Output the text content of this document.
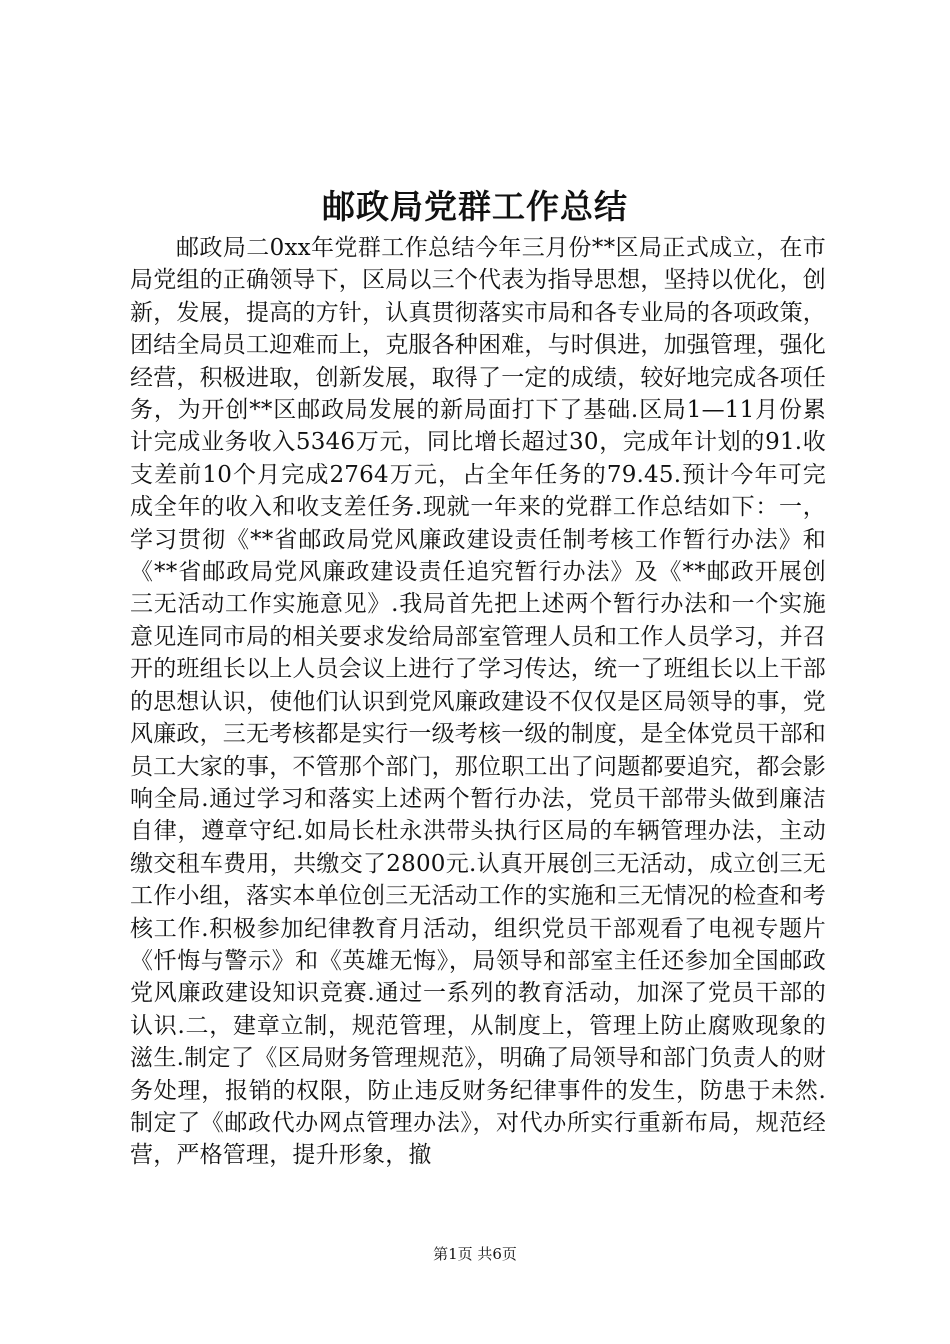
邮政局党群工作总结

邮政局二0xx年党群工作总结今年三月份**区局正式成立，在市局党组的正确领导下，区局以三个代表为指导思想，坚持以优化，创新，发展，提高的方针，认真贯彻落实市局和各专业局的各项政策，团结全局员工迎难而上，克服各种困难，与时俱进，加强管理，强化经营，积极进取，创新发展，取得了一定的成绩，较好地完成各项任务，为开创**区邮政局发展的新局面打下了基础.区局1—11月份累计完成业务收入5346万元，同比增长超过30，完成年计划的91.收支差前10个月完成2764万元，占全年任务的79.45.预计今年可完成全年的收入和收支差任务.现就一年来的党群工作总结如下：一，学习贯彻《**省邮政局党风廉政建设责任制考核工作暂行办法》和《**省邮政局党风廉政建设责任追究暂行办法》及《**邮政开展创三无活动工作实施意见》.我局首先把上述两个暂行办法和一个实施意见连同市局的相关要求发给局部室管理人员和工作人员学习，并召开的班组长以上人员会议上进行了学习传达，统一了班组长以上干部的思想认识，使他们认识到党风廉政建设不仅仅是区局领导的事，党风廉政，三无考核都是实行一级考核一级的制度，是全体党员干部和员工大家的事，不管那个部门，那位职工出了问题都要追究，都会影响全局.通过学习和落实上述两个暂行办法，党员干部带头做到廉洁自律，遵章守纪.如局长杜永洪带头执行区局的车辆管理办法，主动缴交租车费用，共缴交了2800元.认真开展创三无活动，成立创三无工作小组，落实本单位创三无活动工作的实施和三无情况的检查和考核工作.积极参加纪律教育月活动，组织党员干部观看了电视专题片《忏悔与警示》和《英雄无悔》，局领导和部室主任还参加全国邮政党风廉政建设知识竞赛.通过一系列的教育活动，加深了党员干部的认识.二，建章立制，规范管理，从制度上，管理上防止腐败现象的滋生.制定了《区局财务管理规范》，明确了局领导和部门负责人的财务处理，报销的权限，防止违反财务纪律事件的发生，防患于未然.制定了《邮政代办网点管理办法》，对代办所实行重新布局，规范经营，严格管理，提升形象，撤

第1页 共6页
